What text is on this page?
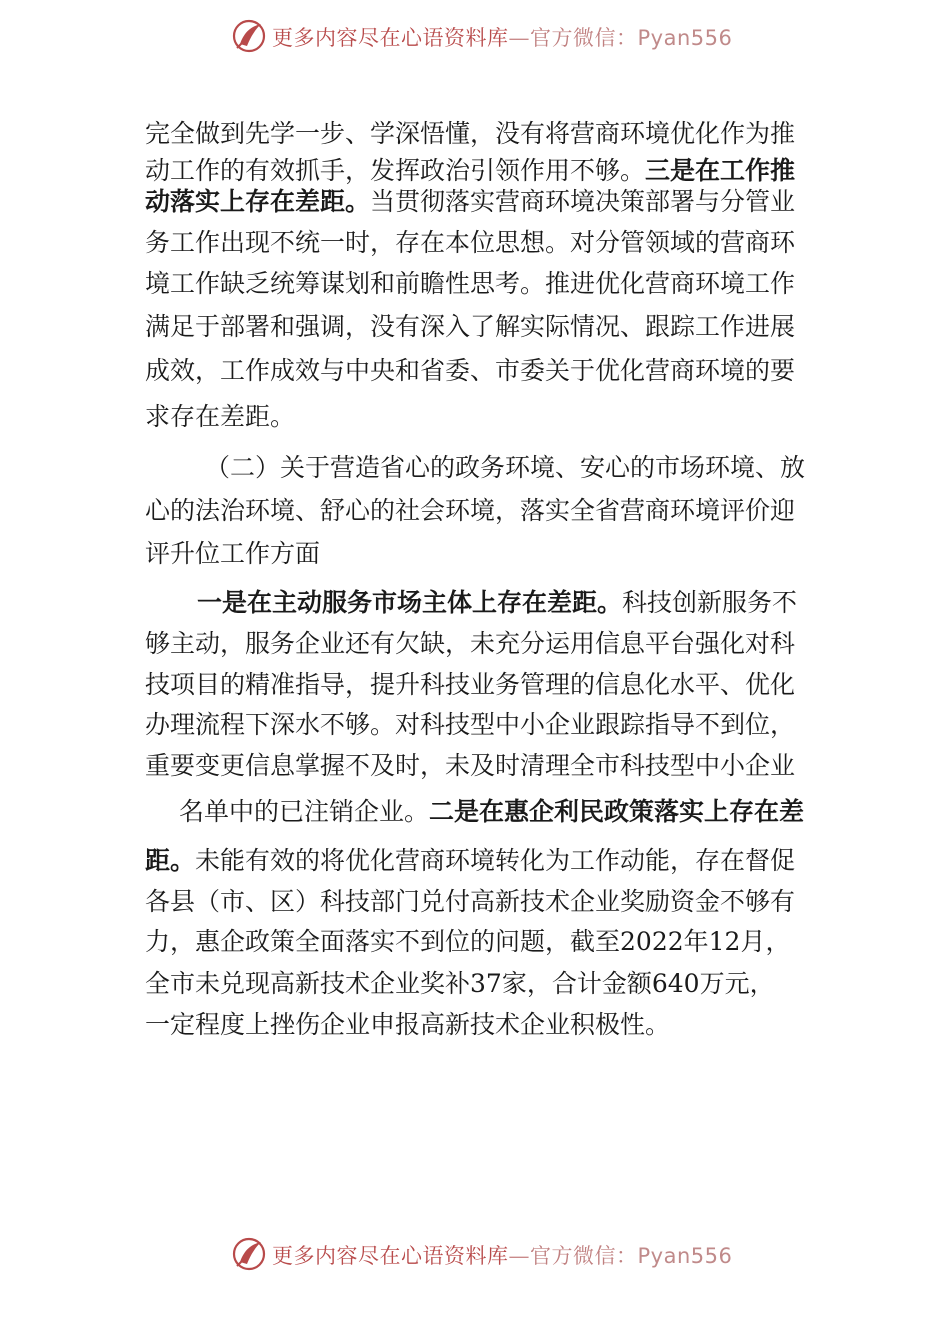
更多内容尽在心语资料库—官方微信：Pyan556
完全做到先学一步、学深悟懂，没有将营商环境优化作为推
动工作的有效抓手，发挥政治引领作用不够。三是在工作推
动落实上存在差距。当贯彻落实营商环境决策部署与分管业
务工作出现不统一时，存在本位思想。对分管领域的营商环
境工作缺乏统筹谋划和前瞻性思考。推进优化营商环境工作
满足于部署和强调，没有深入了解实际情况、跟踪工作进展
成效，工作成效与中央和省委、市委关于优化营商环境的要
求存在差距。
（二）关于营造省心的政务环境、安心的市场环境、放
心的法治环境、舒心的社会环境，落实全省营商环境评价迎
评升位工作方面
一是在主动服务市场主体上存在差距。科技创新服务不
够主动，服务企业还有欠缺，未充分运用信息平台强化对科
技项目的精准指导，提升科技业务管理的信息化水平、优化
办理流程下深水不够。对科技型中小企业跟踪指导不到位，
重要变更信息掌握不及时，未及时清理全市科技型中小企业
名单中的已注销企业。二是在惠企利民政策落实上存在差
距。未能有效的将优化营商环境转化为工作动能，存在督促
各县（市、区）科技部门兑付高新技术企业奖励资金不够有
力，惠企政策全面落实不到位的问题，截至2022年12月，
全市未兑现高新技术企业奖补37家，合计金额640万元，
一定程度上挫伤企业申报高新技术企业积极性。
更多内容尽在心语资料库—官方微信：Pyan556
